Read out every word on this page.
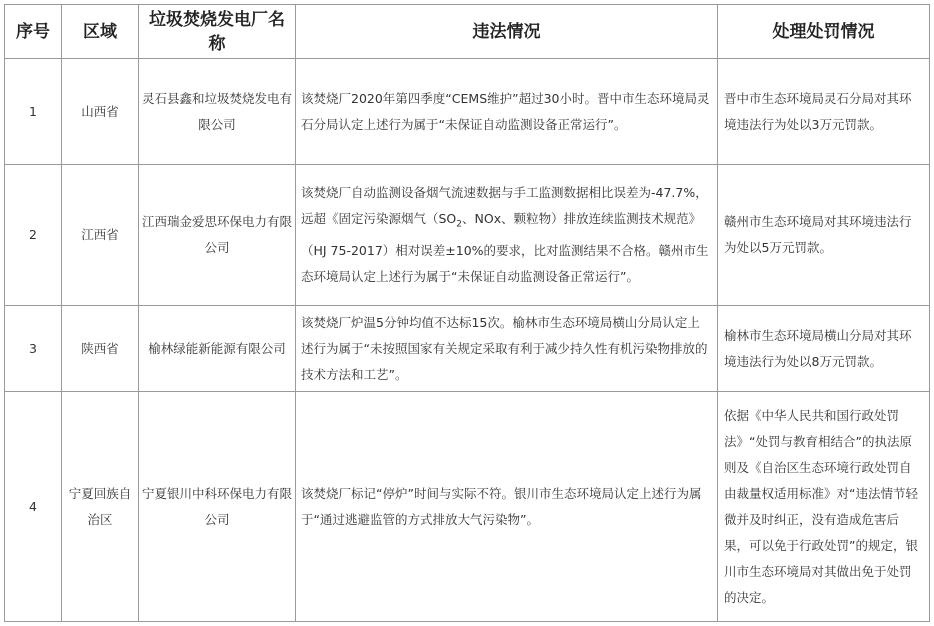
序号	区域	垃圾焚烧发电厂名称	违法情况	处理处罚情况
1	山西省	灵石县鑫和垃圾焚烧发电有限公司	该焚烧厂2020年第四季度“CEMS维护”超过30小时。晋中市生态环境局灵石分局认定上述行为属于“未保证自动监测设备正常运行”。	晋中市生态环境局灵石分局对其环境违法行为处以3万元罚款。
2	江西省	江西瑞金爱思环保电力有限公司	该焚烧厂自动监测设备烟气流速数据与手工监测数据相比误差为-47.7%，远超《固定污染源烟气（$SO_2$、NOx、颗粒物）排放连续监测技术规范》（HJ 75-2017）相对误差±10%的要求，比对监测结果不合格。赣州市生态环境局认定上述行为属于“未保证自动监测设备正常运行”。	赣州市生态环境局对其环境违法行为处以5万元罚款。
3	陕西省	榆林绿能新能源有限公司	该焚烧厂炉温5分钟均值不达标15次。榆林市生态环境局横山分局认定上述行为属于“未按照国家有关规定采取有利于减少持久性有机污染物排放的技术方法和工艺”。	榆林市生态环境局横山分局对其环境违法行为处以8万元罚款。
4	宁夏回族自治区	宁夏银川中科环保电力有限公司	该焚烧厂标记“停炉”时间与实际不符。银川市生态环境局认定上述行为属于“通过逃避监管的方式排放大气污染物”。	依据《中华人民共和国行政处罚法》“处罚与教育相结合”的执法原则及《自治区生态环境行政处罚自由裁量权适用标准》对“违法情节轻微并及时纠正，没有造成危害后果，可以免于行政处罚”的规定，银川市生态环境局对其做出免于处罚的决定。
